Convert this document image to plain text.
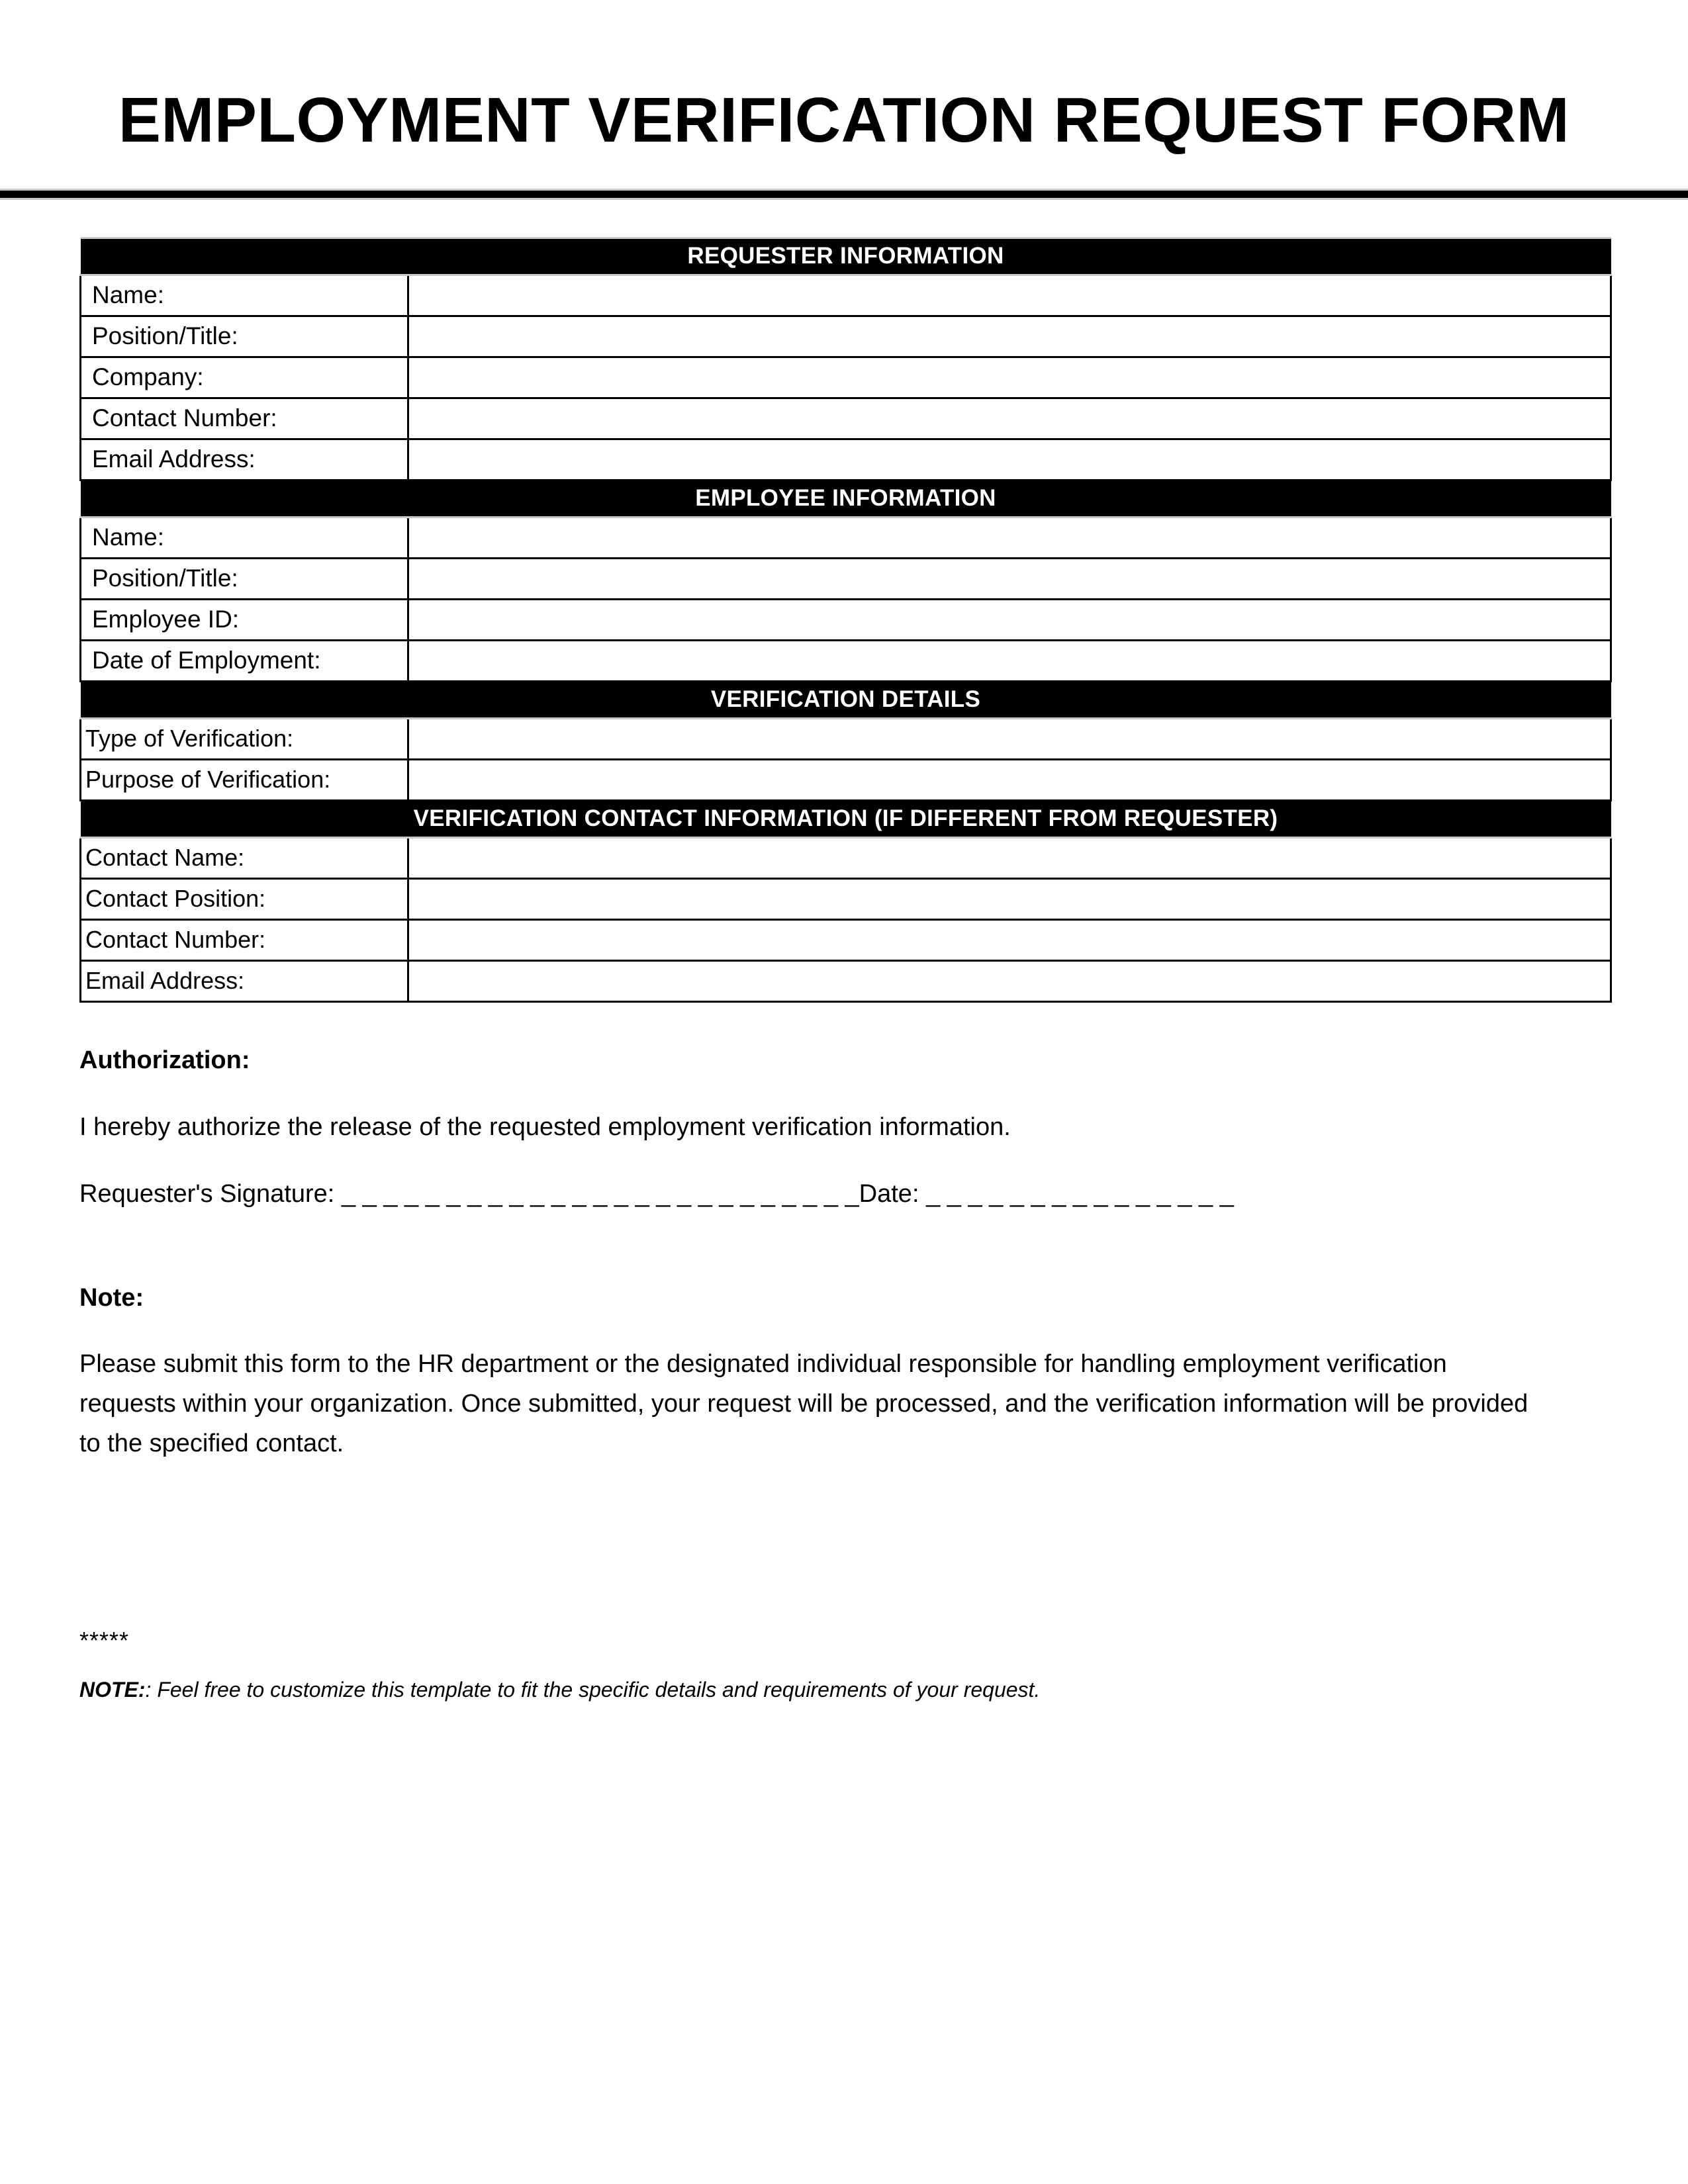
EMPLOYMENT VERIFICATION REQUEST FORM
REQUESTER INFORMATION	
Name:	
Position/Title:	
Company:	
Contact Number:	
Email Address:	
EMPLOYEE INFORMATION	
Name:	
Position/Title:	
Employee ID:	
Date of Employment:	
VERIFICATION DETAILS	
Type of Verification:	
Purpose of Verification:	
VERIFICATION CONTACT INFORMATION (IF DIFFERENT FROM REQUESTER)	
Contact Name:	
Contact Position:	
Contact Number:	
Email Address:	
Authorization:
I hereby authorize the release of the requested employment verification information.
Requester's Signature: _ _ _ _ _ _ _ _ _ _ _ _ _ _ _ _ _ _ _ _ _ _ _ _ _Date: _ _ _ _ _ _ _ _ _ _ _ _ _ _ _
Note:
Please submit this form to the HR department or the designated individual responsible for handling employment verification requests within your organization. Once submitted, your request will be processed, and the verification information will be provided to the specified contact.
*****
NOTE:: Feel free to customize this template to fit the specific details and requirements of your request.
